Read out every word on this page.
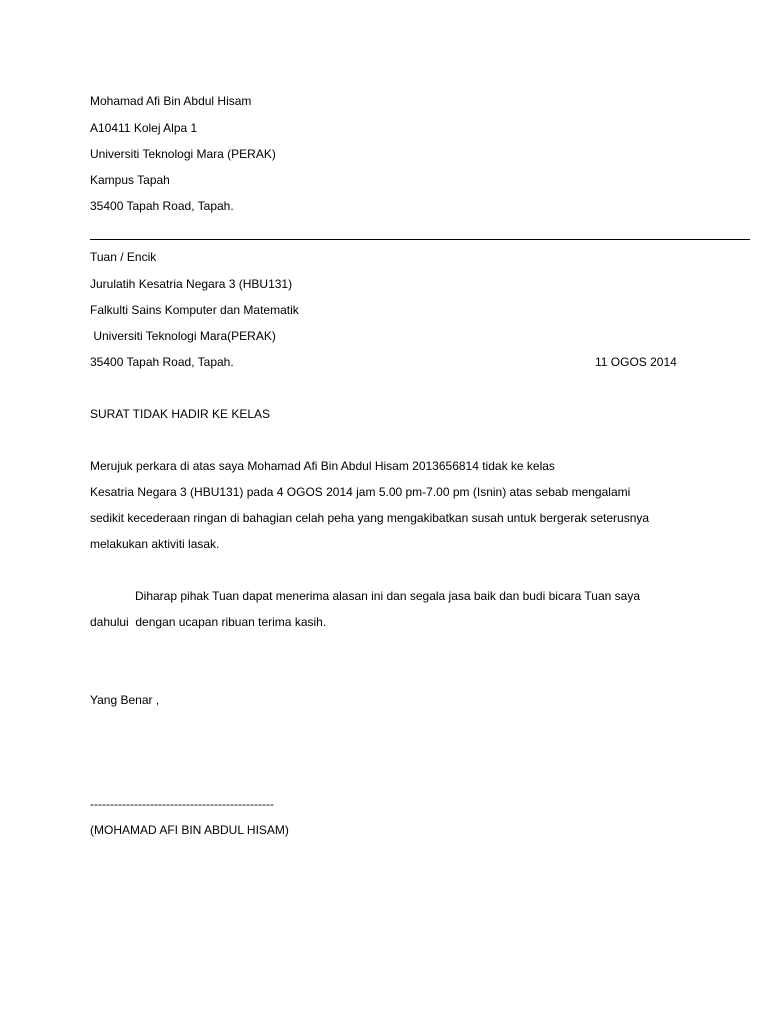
Mohamad Afi Bin Abdul Hisam
A10411 Kolej Alpa 1
Universiti Teknologi Mara (PERAK)
Kampus Tapah
35400 Tapah Road, Tapah.
Tuan / Encik
Jurulatih Kesatria Negara 3 (HBU131)
Falkulti Sains Komputer dan Matematik
Universiti Teknologi Mara(PERAK)
35400 Tapah Road, Tapah.	11 OGOS 2014
SURAT TIDAK HADIR KE KELAS
Merujuk perkara di atas saya Mohamad Afi Bin Abdul Hisam 2013656814 tidak ke kelas
Kesatria Negara 3 (HBU131) pada 4 OGOS 2014 jam 5.00 pm-7.00 pm (Isnin) atas sebab mengalami
sedikit kecederaan ringan di bahagian celah peha yang mengakibatkan susah untuk bergerak seterusnya
melakukan aktiviti lasak.
Diharap pihak Tuan dapat menerima alasan ini dan segala jasa baik dan budi bicara Tuan saya
dahului  dengan ucapan ribuan terima kasih.
Yang Benar ,
----------------------------------------------
(MOHAMAD AFI BIN ABDUL HISAM)
